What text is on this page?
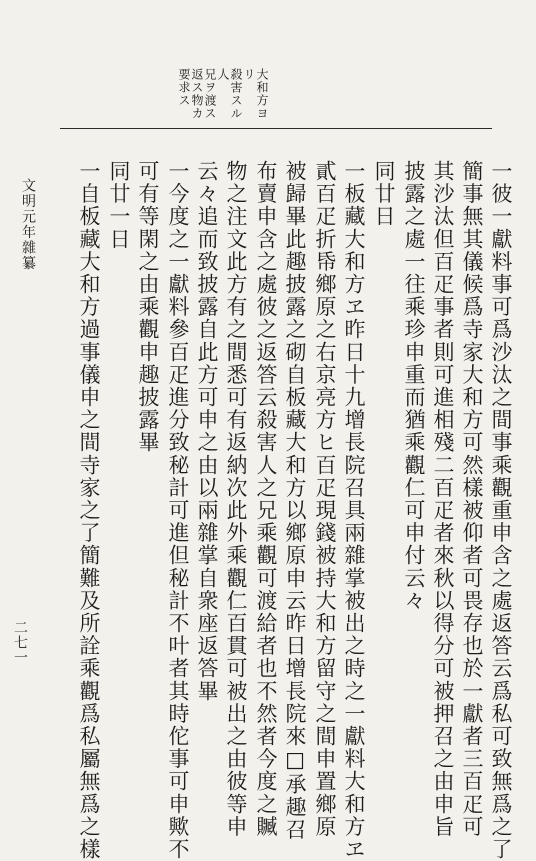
大和方ヨリ
殺害スル人
兄ヲ渡ス
返ス物カ
要求ス
一彼一獻料事可爲沙汰之間事乘觀重申含之處返答云爲私可致無爲之了
簡事無其儀候爲寺家大和方可然樣被仰者可畏存也於一獻者三百疋可
其沙汰但百疋事者則可進相殘二百疋者來秋以得分可被押召之由申旨
披露之處一往乘珍申重而猶乘觀仁可申付云々
同廿日
一板藏大和方ヱ昨日十九增長院召具兩雜掌被出之時之一獻料大和方ヱ
貳百疋折帋鄉原之右京亮方ヒ百疋現錢被持大和方留守之間申置鄉原
被歸畢此趣披露之砌自板藏大和方以鄉原申云昨日增長院來□承趣召
布賣申含之處彼之返答云殺害人之兄乘觀可渡給者也不然者今度之贓
物之注文此方有之間悉可有返納次此外乘觀仁百貫可被出之由彼等申
云々追而致披露自此方可申之由以兩雜掌自衆座返答畢
一今度之一獻料參百疋進分致秘計可進但秘計不叶者其時佗事可申歟不
可有等閑之由乘觀申趣披露畢
同廿一日
一自板藏大和方過事儀申之間寺家之了簡難及所詮乘觀爲私屬無爲之樣
文明元年雜纂
二七一
